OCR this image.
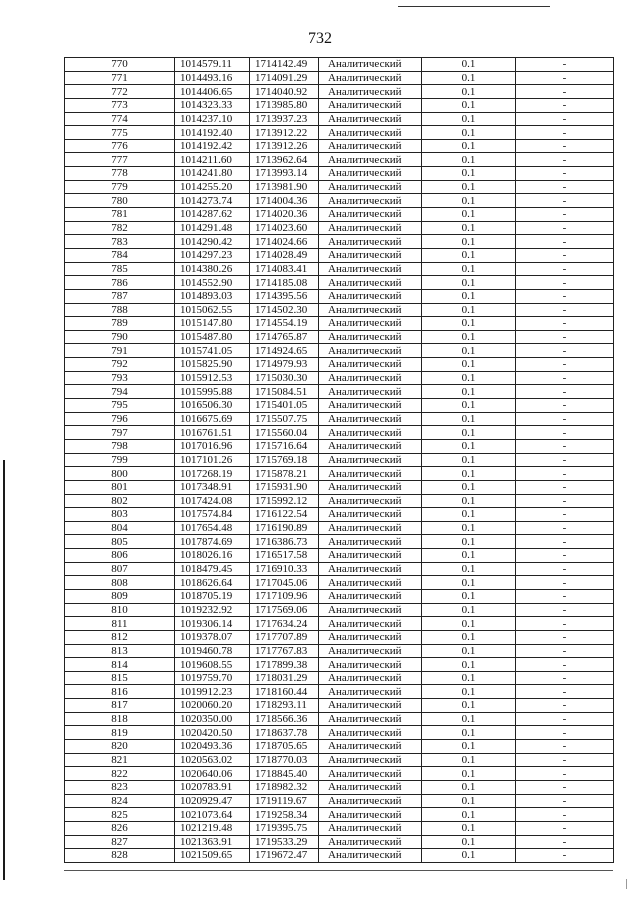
732
770	1014579.11	1714142.49	Аналитический	0.1	-
771	1014493.16	1714091.29	Аналитический	0.1	-
772	1014406.65	1714040.92	Аналитический	0.1	-
773	1014323.33	1713985.80	Аналитический	0.1	-
774	1014237.10	1713937.23	Аналитический	0.1	-
775	1014192.40	1713912.22	Аналитический	0.1	-
776	1014192.42	1713912.26	Аналитический	0.1	-
777	1014211.60	1713962.64	Аналитический	0.1	-
778	1014241.80	1713993.14	Аналитический	0.1	-
779	1014255.20	1713981.90	Аналитический	0.1	-
780	1014273.74	1714004.36	Аналитический	0.1	-
781	1014287.62	1714020.36	Аналитический	0.1	-
782	1014291.48	1714023.60	Аналитический	0.1	-
783	1014290.42	1714024.66	Аналитический	0.1	-
784	1014297.23	1714028.49	Аналитический	0.1	-
785	1014380.26	1714083.41	Аналитический	0.1	-
786	1014552.90	1714185.08	Аналитический	0.1	-
787	1014893.03	1714395.56	Аналитический	0.1	-
788	1015062.55	1714502.30	Аналитический	0.1	-
789	1015147.80	1714554.19	Аналитический	0.1	-
790	1015487.80	1714765.87	Аналитический	0.1	-
791	1015741.05	1714924.65	Аналитический	0.1	-
792	1015825.90	1714979.93	Аналитический	0.1	-
793	1015912.53	1715030.30	Аналитический	0.1	-
794	1015995.88	1715084.51	Аналитический	0.1	-
795	1016506.30	1715401.05	Аналитический	0.1	-
796	1016675.69	1715507.75	Аналитический	0.1	-
797	1016761.51	1715560.04	Аналитический	0.1	-
798	1017016.96	1715716.64	Аналитический	0.1	-
799	1017101.26	1715769.18	Аналитический	0.1	-
800	1017268.19	1715878.21	Аналитический	0.1	-
801	1017348.91	1715931.90	Аналитический	0.1	-
802	1017424.08	1715992.12	Аналитический	0.1	-
803	1017574.84	1716122.54	Аналитический	0.1	-
804	1017654.48	1716190.89	Аналитический	0.1	-
805	1017874.69	1716386.73	Аналитический	0.1	-
806	1018026.16	1716517.58	Аналитический	0.1	-
807	1018479.45	1716910.33	Аналитический	0.1	-
808	1018626.64	1717045.06	Аналитический	0.1	-
809	1018705.19	1717109.96	Аналитический	0.1	-
810	1019232.92	1717569.06	Аналитический	0.1	-
811	1019306.14	1717634.24	Аналитический	0.1	-
812	1019378.07	1717707.89	Аналитический	0.1	-
813	1019460.78	1717767.83	Аналитический	0.1	-
814	1019608.55	1717899.38	Аналитический	0.1	-
815	1019759.70	1718031.29	Аналитический	0.1	-
816	1019912.23	1718160.44	Аналитический	0.1	-
817	1020060.20	1718293.11	Аналитический	0.1	-
818	1020350.00	1718566.36	Аналитический	0.1	-
819	1020420.50	1718637.78	Аналитический	0.1	-
820	1020493.36	1718705.65	Аналитический	0.1	-
821	1020563.02	1718770.03	Аналитический	0.1	-
822	1020640.06	1718845.40	Аналитический	0.1	-
823	1020783.91	1718982.32	Аналитический	0.1	-
824	1020929.47	1719119.67	Аналитический	0.1	-
825	1021073.64	1719258.34	Аналитический	0.1	-
826	1021219.48	1719395.75	Аналитический	0.1	-
827	1021363.91	1719533.29	Аналитический	0.1	-
828	1021509.65	1719672.47	Аналитический	0.1	-
